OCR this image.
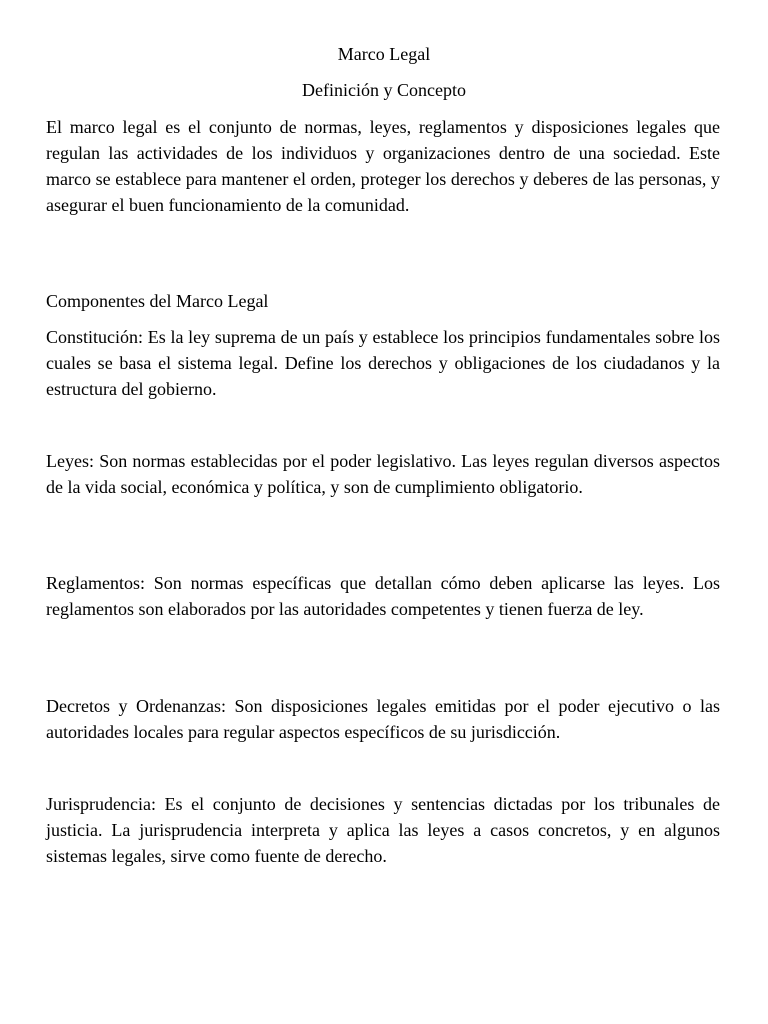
Marco Legal
Definición y Concepto

El marco legal es el conjunto de normas, leyes, reglamentos y disposiciones legales que regulan las actividades de los individuos y organizaciones dentro de una sociedad. Este marco se establece para mantener el orden, proteger los derechos y deberes de las personas, y asegurar el buen funcionamiento de la comunidad.

Componentes del Marco Legal

Constitución: Es la ley suprema de un país y establece los principios fundamentales sobre los cuales se basa el sistema legal. Define los derechos y obligaciones de los ciudadanos y la estructura del gobierno.

Leyes: Son normas establecidas por el poder legislativo. Las leyes regulan diversos aspectos de la vida social, económica y política, y son de cumplimiento obligatorio.

Reglamentos: Son normas específicas que detallan cómo deben aplicarse las leyes. Los reglamentos son elaborados por las autoridades competentes y tienen fuerza de ley.

Decretos y Ordenanzas: Son disposiciones legales emitidas por el poder ejecutivo o las autoridades locales para regular aspectos específicos de su jurisdicción.

Jurisprudencia: Es el conjunto de decisiones y sentencias dictadas por los tribunales de justicia. La jurisprudencia interpreta y aplica las leyes a casos concretos, y en algunos sistemas legales, sirve como fuente de derecho.
